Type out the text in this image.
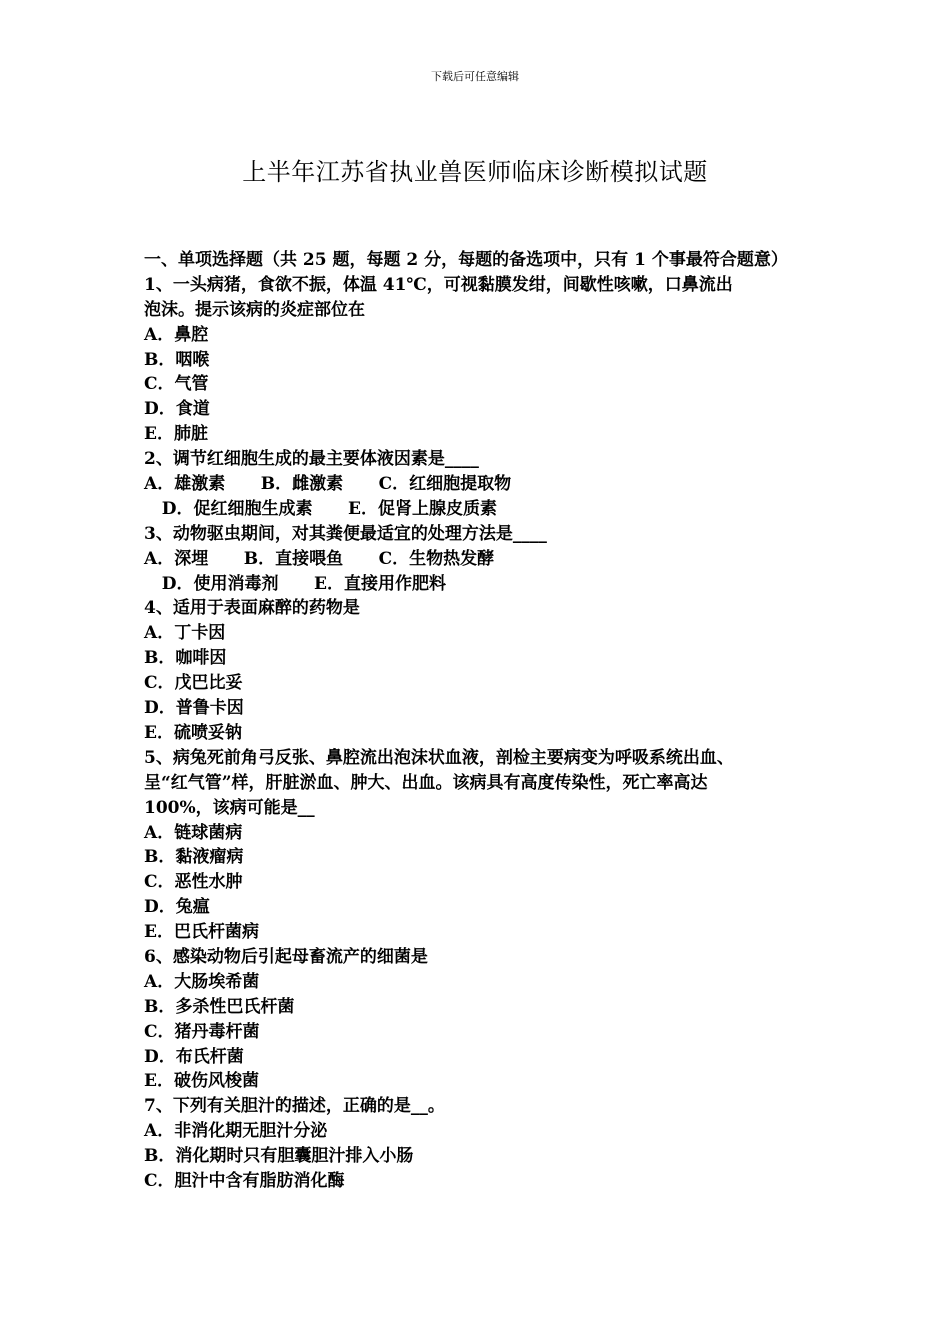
下载后可任意编辑
上半年江苏省执业兽医师临床诊断模拟试题
一、单项选择题（共 25 题，每题 2 分，每题的备选项中，只有 1 个事最符合题意）
1、一头病猪，食欲不振，体温 41℃，可视黏膜发绀，间歇性咳嗽，口鼻流出
泡沫。提示该病的炎症部位在
A．鼻腔
B．咽喉
C．气管
D．食道
E．肺脏
2、调节红细胞生成的最主要体液因素是____
A．雄激素      B．雌激素      C．红细胞提取物
D．促红细胞生成素      E．促肾上腺皮质素
3、动物驱虫期间，对其粪便最适宜的处理方法是____
A．深埋      B．直接喂鱼      C．生物热发酵
D．使用消毒剂      E．直接用作肥料
4、适用于表面麻醉的药物是
A．丁卡因
B．咖啡因
C．戊巴比妥
D．普鲁卡因
E．硫喷妥钠
5、病兔死前角弓反张、鼻腔流出泡沫状血液，剖检主要病变为呼吸系统出血、
呈“红气管”样，肝脏淤血、肿大、出血。该病具有高度传染性，死亡率高达
100%，该病可能是__
A．链球菌病
B．黏液瘤病
C．恶性水肿
D．兔瘟
E．巴氏杆菌病
6、感染动物后引起母畜流产的细菌是
A．大肠埃希菌
B．多杀性巴氏杆菌
C．猪丹毒杆菌
D．布氏杆菌
E．破伤风梭菌
7、下列有关胆汁的描述，正确的是__。
A．非消化期无胆汁分泌
B．消化期时只有胆囊胆汁排入小肠
C．胆汁中含有脂肪消化酶
